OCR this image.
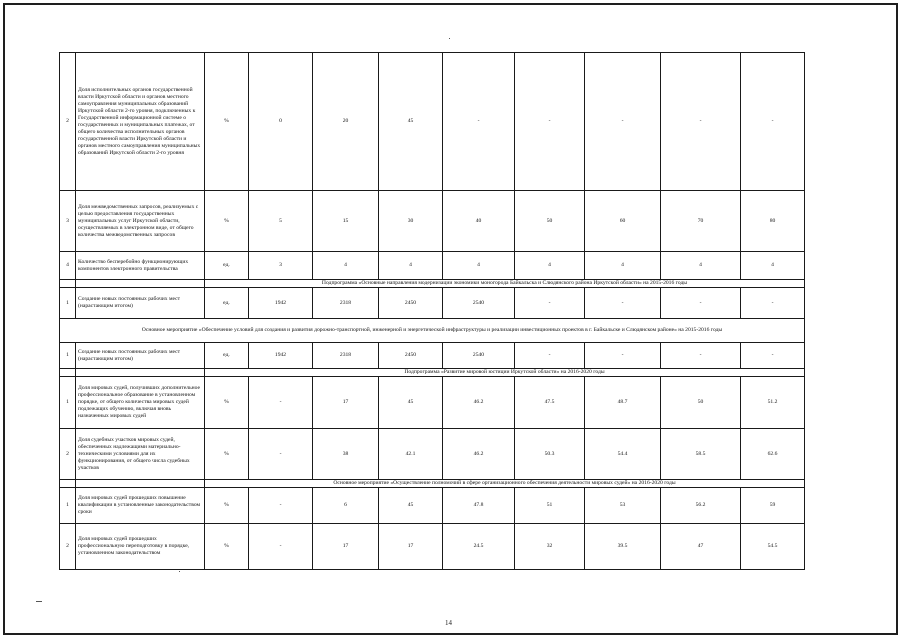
2	Доля исполнительных органов государственной власти Иркутской области и органов местного самоуправления муниципальных образований Иркутской области 2-го уровня, подключенных к Государственной информационной системе о государственных и муниципальных платежах, от общего количества исполнительных органов государственной власти Иркутской области и органов местного самоуправления муниципальных образований Иркутской области 2-го уровня	%	0	20	45	-	-	-	-	-
3	Доля межведомственных запросов, реализуемых с целью предоставления государственных муниципальных услуг Иркутской области, осуществляемых в электронном виде, от общего количества межведомственных запросов	%	5	15	30	40	50	60	70	80
4	Количество бесперебойно функционирующих компонентов электронного правительства	ед.	3	4	4	4	4	4	4	4
		Подпрограмма «Основные направления модернизации экономики моногорода Байкальска и Слюдянского района Иркутской области» на 2015-2016 годы								
1	Создание новых постоянных рабочих мест (нарастающим итогом)	ед.	1942	2318	2450	2540	-	-	-	-
Основное мероприятие «Обеспечение условий для создания и развития дорожно-транспортной, инженерной и энергетической инфраструктуры и реализации инвестиционных проектов в г. Байкальске и Слюдянском районе» на 2015-2016 годы										
1	Создание новых постоянных рабочих мест (нарастающим итогом)	ед.	1942	2318	2450	2540	-	-	-	-
		Подпрограмма «Развитие мировой юстиции Иркутской области» на 2016-2020 годы								
1	Доля мировых судей, получивших дополнительное профессиональное образование в установленном порядке, от общего количества мировых судей подлежащих обучению, включая вновь назначенных мировых судей	%	-	17	45	46.2	47.5	48.7	50	51.2
2	Доля судебных участков мировых судей, обеспеченных надлежащими материально-техническими условиями для их функционирования, от общего числа судебных участков	%	-	38	42.1	46.2	50.3	54.4	58.5	62.6
		Основное мероприятие «Осуществление полномочий в сфере организационного обеспечения деятельности мировых судей» на 2016-2020 годы								
1	Доля мировых судей прошедших повышение квалификации в установленные законодательством сроки	%	-	6	45	47.8	51	53	56.2	59
2	Доля мировых судей прошедших профессиональную переподготовку в порядке, установленном законодательством	%	-	17	17	24.5	32	39.5	47	54.5
14
